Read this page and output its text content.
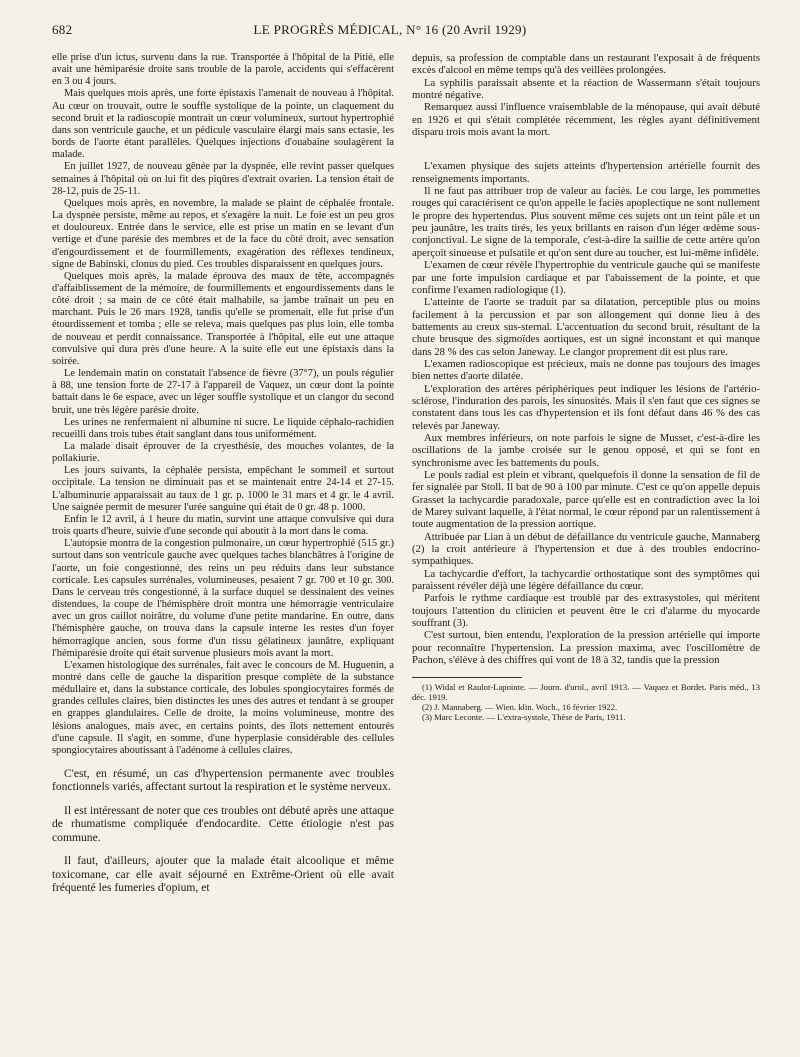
682	LE PROGRÈS MÉDICAL, N° 16 (20 Avril 1929)

elle prise d'un ictus, survenu dans la rue. Transportée à l'hôpital de la Pitié, elle avait une hémiparésie droite sans trouble de la parole, accidents qui s'effacèrent en 3 ou 4 jours.

Mais quelques mois après, une forte épistaxis l'amenait de nouveau à l'hôpital. Au cœur on trouvait, outre le souffle systolique de la pointe, un claquement du second bruit et la radioscopie montrait un cœur volumineux, surtout hypertrophié dans son ventricule gauche, et un pédicule vasculaire élargi mais sans ectasie, les bords de l'aorte étant parallèles. Quelques injections d'ouabaïne soulagèrent la malade.

En juillet 1927, de nouveau gênée par la dyspnée, elle revint passer quelques semaines à l'hôpital où on lui fit des piqûres d'extrait ovarien. La tension était de 28-12, puis de 25-11.

Quelques mois après, en novembre, la malade se plaint de céphalée frontale. La dyspnée persiste, même au repos, et s'exagère la nuit. Le foie est un peu gros et douloureux. Entrée dans le service, elle est prise un matin en se levant d'un vertige et d'une parésie des membres et de la face du côté droit, avec sensation d'engourdissement et de fourmillements, exagération des réflexes tendineux, signe de Babinski, clonus du pied. Ces troubles disparaissent en quelques jours.

Quelques mois après, la malade éprouva des maux de tête, accompagnés d'affaiblissement de la mémoire, de fourmillements et engourdissements dans le côté droit ; sa main de ce côté était malhabile, sa jambe traînait un peu en marchant. Puis le 26 mars 1928, tandis qu'elle se promenait, elle fut prise d'un étourdissement et tomba ; elle se releva, mais quelques pas plus loin, elle tomba de nouveau et perdit connaissance. Transportée à l'hôpital, elle eut une attaque convulsive qui dura près d'une heure. A la suite elle eut une épistaxis dans la soirée.

Le lendemain matin on constatait l'absence de fièvre (37°7), un pouls régulier à 88, une tension forte de 27-17 à l'appareil de Vaquez, un cœur dont la pointe battait dans le 6e espace, avec un léger souffle systolique et un clangor du second bruit, une très légère parésie droite.

Les urines ne renfermaient ni albumine ni sucre. Le liquide céphalo-rachidien recueilli dans trois tubes était sanglant dans tous uniformément.

La malade disait éprouver de la cryesthésie, des mouches volantes, de la pollakiurie.

Les jours suivants, la céphalée persista, empêchant le sommeil et surtout occipitale. La tension ne diminuait pas et se maintenait entre 24-14 et 27-15. L'albuminurie apparaissait au taux de 1 gr. p. 1000 le 31 mars et 4 gr. le 4 avril. Une saignée permit de mesurer l'urée sanguine qui était de 0 gr. 48 p. 1000.

Enfin le 12 avril, à 1 heure du matin, survint une attaque convulsive qui dura trois quarts d'heure, suivie d'une seconde qui aboutit à la mort dans le coma.

L'autopsie montra de la congestion pulmonaire, un cœur hypertrophié (515 gr.) surtout dans son ventricule gauche avec quelques taches blanchâtres à l'origine de l'aorte, un foie congestionné, des reins un peu réduits dans leur substance corticale. Les capsules surrénales, volumineuses, pesaient 7 gr. 700 et 10 gr. 300. Dans le cerveau très congestionné, à la surface duquel se dessinaient des veines distendues, la coupe de l'hémisphère droit montra une hémorragie ventriculaire avec un gros caillot noirâtre, du volume d'une petite mandarine. En outre, dans l'hémisphère gauche, on trouva dans la capsule interne les restes d'un foyer hémorragique ancien, sous forme d'un tissu gélatineux jaunâtre, expliquant l'hémiparésie droite qui était survenue plusieurs mois avant la mort.

L'examen histologique des surrénales, fait avec le concours de M. Huguenin, a montré dans celle de gauche la disparition presque complète de la substance médullaire et, dans la substance corticale, des lobules spongiocytaires formés de grandes cellules claires, bien distinctes les unes des autres et tendant à se grouper en grappes glandulaires. Celle de droite, la moins volumineuse, montre des lésions analogues, mais avec, en certains points, des îlots nettement entourés d'une capsule. Il s'agit, en somme, d'une hyperplasie considérable des cellules spongiocytaires aboutissant à l'adénome à cellules claires.

C'est, en résumé, un cas d'hypertension permanente avec troubles fonctionnels variés, affectant surtout la respiration et le système nerveux.

Il est intéressant de noter que ces troubles ont débuté après une attaque de rhumatisme compliquée d'endocardite. Cette étiologie n'est pas commune.

Il faut, d'ailleurs, ajouter que la malade était alcoolique et même toxicomane, car elle avait séjourné en Extrême-Orient où elle avait fréquenté les fumeries d'opium, et

depuis, sa profession de comptable dans un restaurant l'exposait à de fréquents excès d'alcool en même temps qu'à des veillées prolongées.

La syphilis paraissait absente et la réaction de Wassermann s'était toujours montré négative.

Remarquez aussi l'influence vraisemblable de la ménopause, qui avait débuté en 1926 et qui s'était complétée récemment, les règles ayant définitivement disparu trois mois avant la mort.

L'examen physique des sujets atteints d'hypertension artérielle fournit des renseignements importants.

Il ne faut pas attribuer trop de valeur au faciès. Le cou large, les pommettes rouges qui caractérisent ce qu'on appelle le faciès apoplectique ne sont nullement le propre des hypertendus. Plus souvent même ces sujets ont un teint pâle et un peu jaunâtre, les traits tirés, les yeux brillants en raison d'un léger œdème sous-conjonctival. Le signe de la temporale, c'est-à-dire la saillie de cette artère qu'on aperçoit sinueuse et pulsatile et qu'on sent dure au toucher, est lui-même infidèle.

L'examen de cœur révèle l'hypertrophie du ventricule gauche qui se manifeste par une forte impulsion cardiaque et par l'abaissement de la pointe, et que confirme l'examen radiologique (1).

L'atteinte de l'aorte se traduit par sa dilatation, perceptible plus ou moins facilement à la percussion et par son allongement qui donne lieu à des battements au creux sus-sternal. L'accentuation du second bruit, résultant de la chute brusque des sigmoïdes aortiques, est un signé inconstant et qui manque dans 28 % des cas selon Janeway. Le clangor proprement dit est plus rare.

L'examen radioscopique est précieux, mais ne donne pas toujours des images bien nettes d'aorte dilatée.

L'exploration des artères périphériques peut indiquer les lésions de l'artério-sclérose, l'induration des parois, les sinuosités. Mais il s'en faut que ces signes se constatent dans tous les cas d'hypertension et ils font défaut dans 46 % des cas relevés par Janeway.

Aux membres inférieurs, on note parfois le signe de Musset, c'est-à-dire les oscillations de la jambe croisée sur le genou opposé, et qui se font en synchronisme avec les battements du pouls.

Le pouls radial est plein et vibrant, quelquefois il donne la sensation de fil de fer signalée par Stoll. Il bat de 90 à 100 par minute. C'est ce qu'on appelle depuis Grasset la tachycardie paradoxale, parce qu'elle est en contradiction avec la loi de Marey suivant laquelle, à l'état normal, le cœur répond par un ralentissement à toute augmentation de la pression aortique.

Attribuée par Lian à un début de défaillance du ventricule gauche, Mannaberg (2) la croit antérieure à l'hypertension et due à des troubles endocrino-sympathiques.

La tachycardie d'effort, la tachycardie orthostatique sont des symptômes qui paraissent révéler déjà une légère défaillance du cœur.

Parfois le rythme cardiaque est troublé par des extrasystoles, qui méritent toujours l'attention du clinicien et peuvent être le cri d'alarme du myocarde souffrant (3).

C'est surtout, bien entendu, l'exploration de la pression artérielle qui importe pour reconnaître l'hypertension. La pression maxima, avec l'oscillomètre de Pachon, s'élève à des chiffres qui vont de 18 à 32, tandis que la pression

(1) Widal et Raulot-Lapointe. — Journ. d'urol., avril 1913. — Vaquez et Bordet. Paris méd., 13 déc. 1919.
(2) J. Mannaberg. — Wien. klin. Woch., 16 février 1922.
(3) Marc Leconte. — L'extra-systole, Thèse de Paris, 1911.
